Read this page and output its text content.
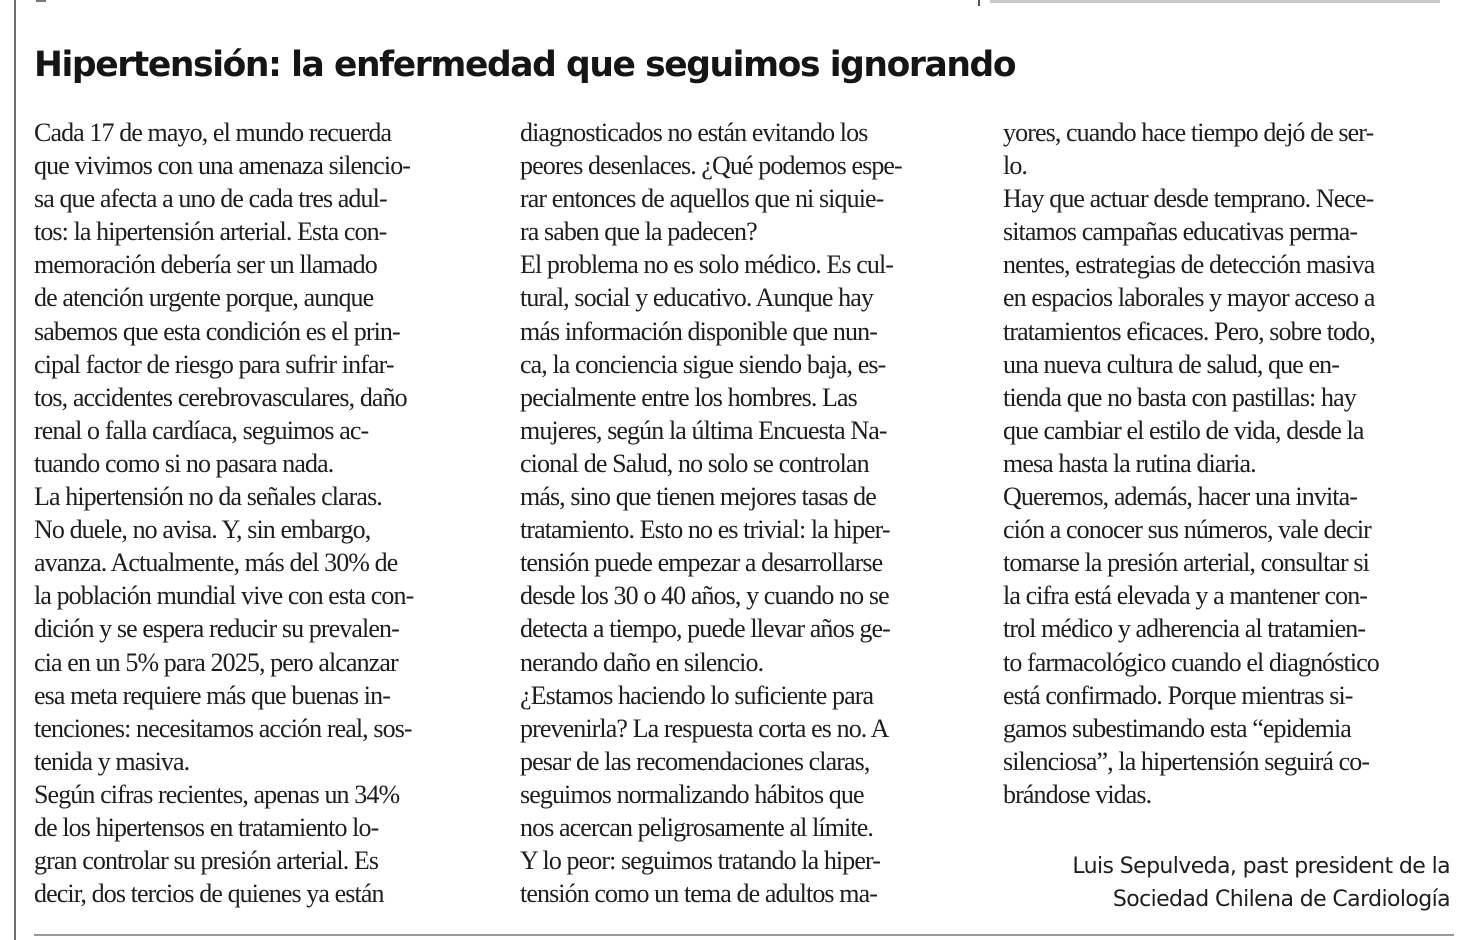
Hipertensión: la enfermedad que seguimos ignorando
Cada 17 de mayo, el mundo recuerda
que vivimos con una amenaza silencio-
sa que afecta a uno de cada tres adul-
tos: la hipertensión arterial. Esta con-
memoración debería ser un llamado
de atención urgente porque, aunque
sabemos que esta condición es el prin-
cipal factor de riesgo para sufrir infar-
tos, accidentes cerebrovasculares, daño
renal o falla cardíaca, seguimos ac-
tuando como si no pasara nada.
La hipertensión no da señales claras.
No duele, no avisa. Y, sin embargo,
avanza. Actualmente, más del 30% de
la población mundial vive con esta con-
dición y se espera reducir su prevalen-
cia en un 5% para 2025, pero alcanzar
esa meta requiere más que buenas in-
tenciones: necesitamos acción real, sos-
tenida y masiva.
Según cifras recientes, apenas un 34%
de los hipertensos en tratamiento lo-
gran controlar su presión arterial. Es
decir, dos tercios de quienes ya están
diagnosticados no están evitando los
peores desenlaces. ¿Qué podemos espe-
rar entonces de aquellos que ni siquie-
ra saben que la padecen?
El problema no es solo médico. Es cul-
tural, social y educativo. Aunque hay
más información disponible que nun-
ca, la conciencia sigue siendo baja, es-
pecialmente entre los hombres. Las
mujeres, según la última Encuesta Na-
cional de Salud, no solo se controlan
más, sino que tienen mejores tasas de
tratamiento. Esto no es trivial: la hiper-
tensión puede empezar a desarrollarse
desde los 30 o 40 años, y cuando no se
detecta a tiempo, puede llevar años ge-
nerando daño en silencio.
¿Estamos haciendo lo suficiente para
prevenirla? La respuesta corta es no. A
pesar de las recomendaciones claras,
seguimos normalizando hábitos que
nos acercan peligrosamente al límite.
Y lo peor: seguimos tratando la hiper-
tensión como un tema de adultos ma-
yores, cuando hace tiempo dejó de ser-
lo.
Hay que actuar desde temprano. Nece-
sitamos campañas educativas perma-
nentes, estrategias de detección masiva
en espacios laborales y mayor acceso a
tratamientos eficaces. Pero, sobre todo,
una nueva cultura de salud, que en-
tienda que no basta con pastillas: hay
que cambiar el estilo de vida, desde la
mesa hasta la rutina diaria.
Queremos, además, hacer una invita-
ción a conocer sus números, vale decir
tomarse la presión arterial, consultar si
la cifra está elevada y a mantener con-
trol médico y adherencia al tratamien-
to farmacológico cuando el diagnóstico
está confirmado. Porque mientras si-
gamos subestimando esta “epidemia
silenciosa”, la hipertensión seguirá co-
brándose vidas.
Luis Sepulveda, past president de la
Sociedad Chilena de Cardiología
